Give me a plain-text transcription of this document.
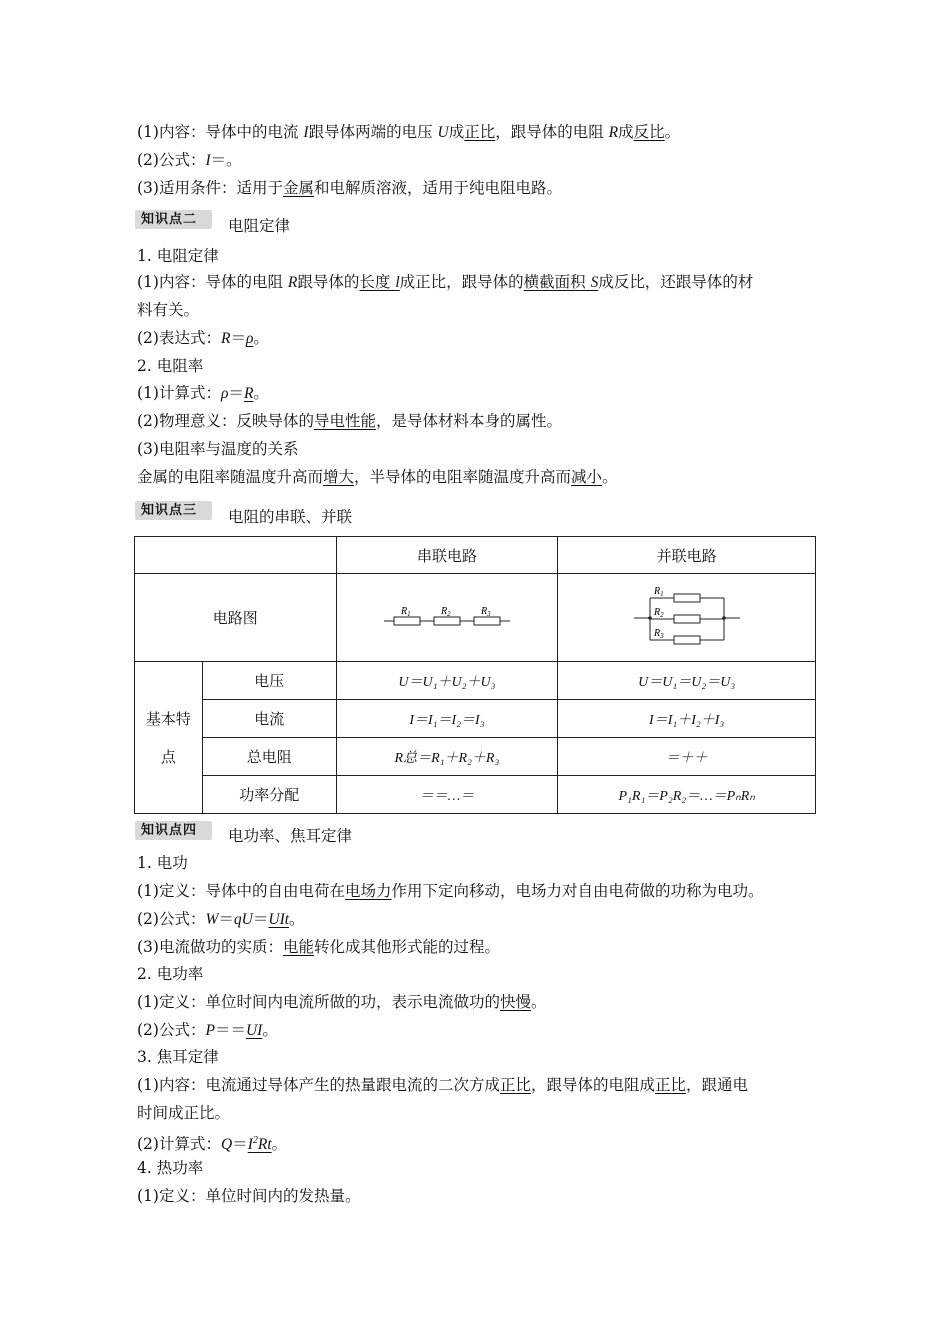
(1)内容：导体中的电流 I跟导体两端的电压 U成正比，跟导体的电阻 R成反比。
(2)公式：I＝。
(3)适用条件：适用于金属和电解质溶液，适用于纯电阻电路。
知识点二	电阻定律
1. 电阻定律
(1)内容：导体的电阻 R跟导体的长度 l成正比，跟导体的横截面积 S成反比，还跟导体的材
料有关。
(2)表达式：R＝ρ。
2. 电阻率
(1)计算式：ρ＝R。
(2)物理意义：反映导体的导电性能，是导体材料本身的属性。
(3)电阻率与温度的关系
金属的电阻率随温度升高而增大，半导体的电阻率随温度升高而减小。
知识点三	电阻的串联、并联
		串联电路	并联电路
电路图		$R_1$ $R_2$ $R_3$	$R_1$
$R_2$
$R_3$

基本特
点	电压	U＝U₁＋U₂＋U₃	U＝U₁＝U₂＝U₃
	电流	I＝I₁＝I₂＝I₃	I＝I₁＋I₂＋I₃
	总电阻	R总＝R₁＋R₂＋R₃	＝＋＋
	功率分配	＝＝…＝	P₁R₁＝P₂R₂＝…＝PₙRₙ
知识点四	电功率、焦耳定律
1. 电功
(1)定义：导体中的自由电荷在电场力作用下定向移动，电场力对自由电荷做的功称为电功。
(2)公式：W＝qU＝UIt。
(3)电流做功的实质：电能转化成其他形式能的过程。
2. 电功率
(1)定义：单位时间内电流所做的功，表示电流做功的快慢。
(2)公式：P＝＝UI。
3. 焦耳定律
(1)内容：电流通过导体产生的热量跟电流的二次方成正比，跟导体的电阻成正比，跟通电
时间成正比。
(2)计算式：$Q=I^2Rt$。
4. 热功率
(1)定义：单位时间内的发热量。
